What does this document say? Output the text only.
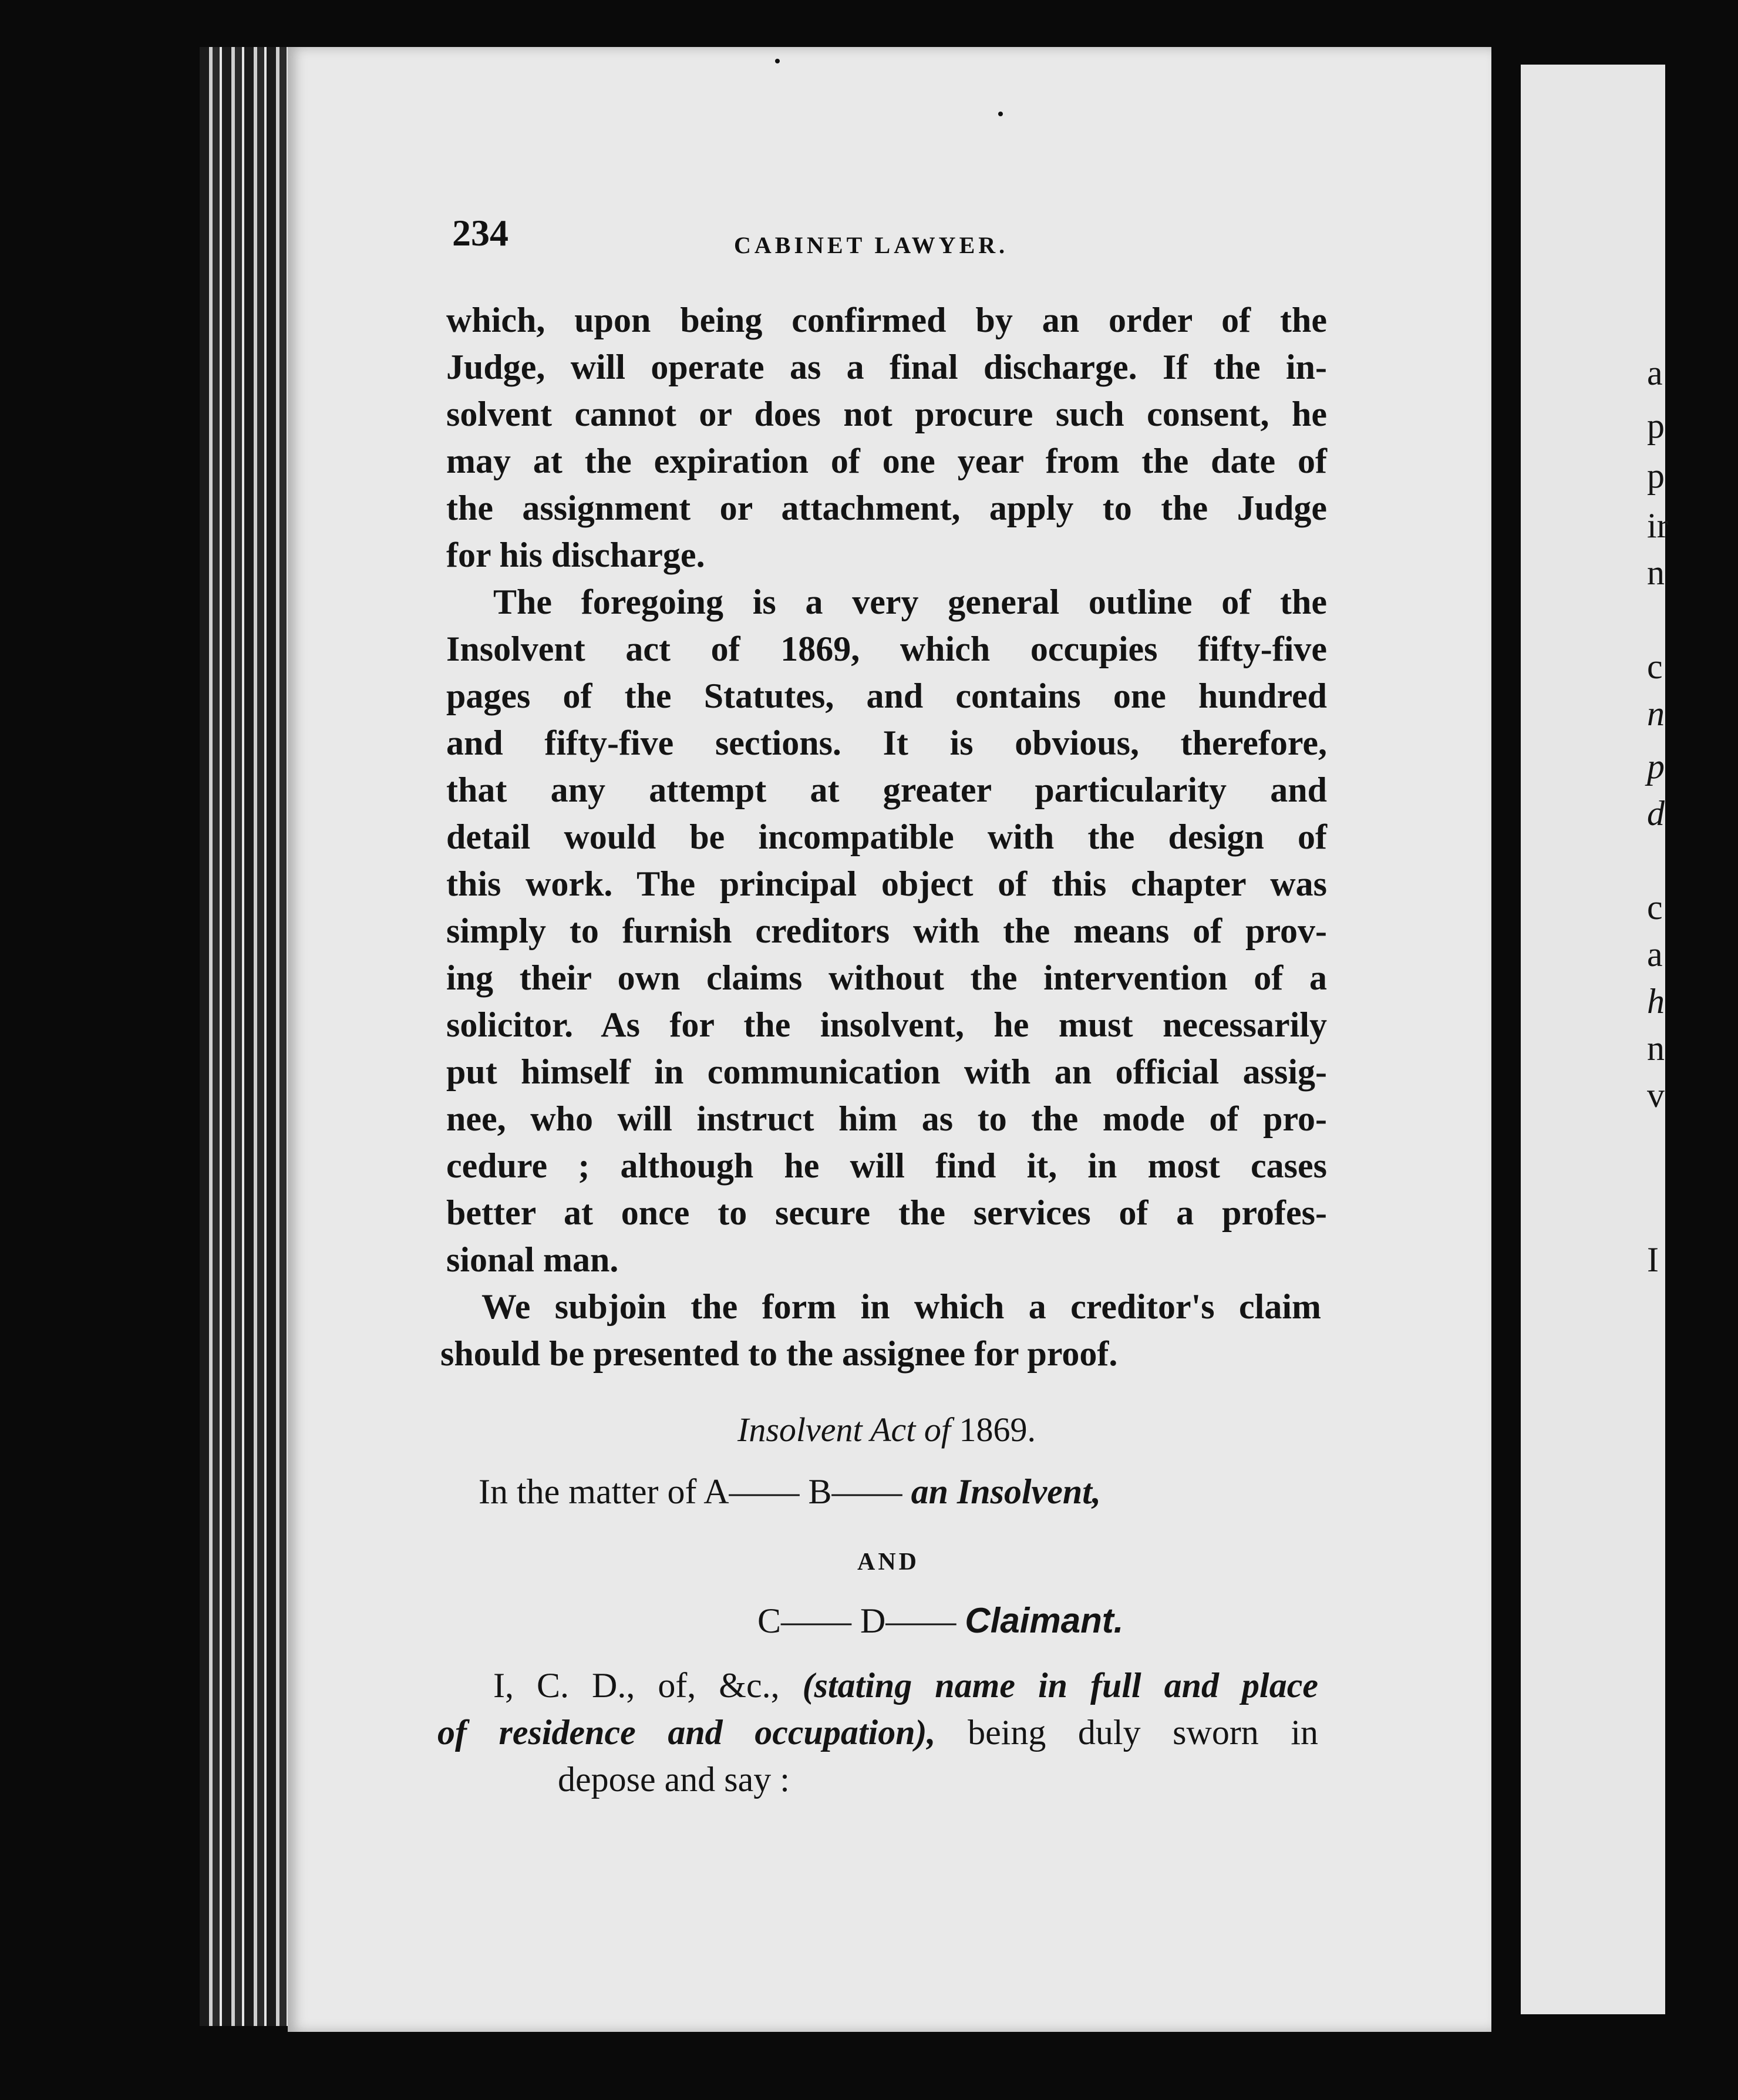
a
p
p
ir
n
c
n
p
d
c
a
h
n
v
I
234	CABINET LAWYER.
which, upon being confirmed by an order of the
Judge, will operate as a final discharge. If the in-
solvent cannot or does not procure such consent, he
may at the expiration of one year from the date of
the assignment or attachment, apply to the Judge
for his discharge.
The foregoing is a very general outline of the
Insolvent act of 1869, which occupies fifty-five
pages of the Statutes, and contains one hundred
and fifty-five sections. It is obvious, therefore,
that any attempt at greater particularity and
detail would be incompatible with the design of
this work. The principal object of this chapter was
simply to furnish creditors with the means of prov-
ing their own claims without the intervention of a
solicitor. As for the insolvent, he must necessarily
put himself in communication with an official assig-
nee, who will instruct him as to the mode of pro-
cedure ; although he will find it, in most cases
better at once to secure the services of a profes-
sional man.
We subjoin the form in which a creditor's claim
should be presented to the assignee for proof.
Insolvent Act of 1869.
In the matter of A—— B—— an Insolvent,
AND
C—— D—— Claimant.
I, C. D., of, &c., (stating name in full and place
of residence and occupation), being duly sworn in
depose and say :
